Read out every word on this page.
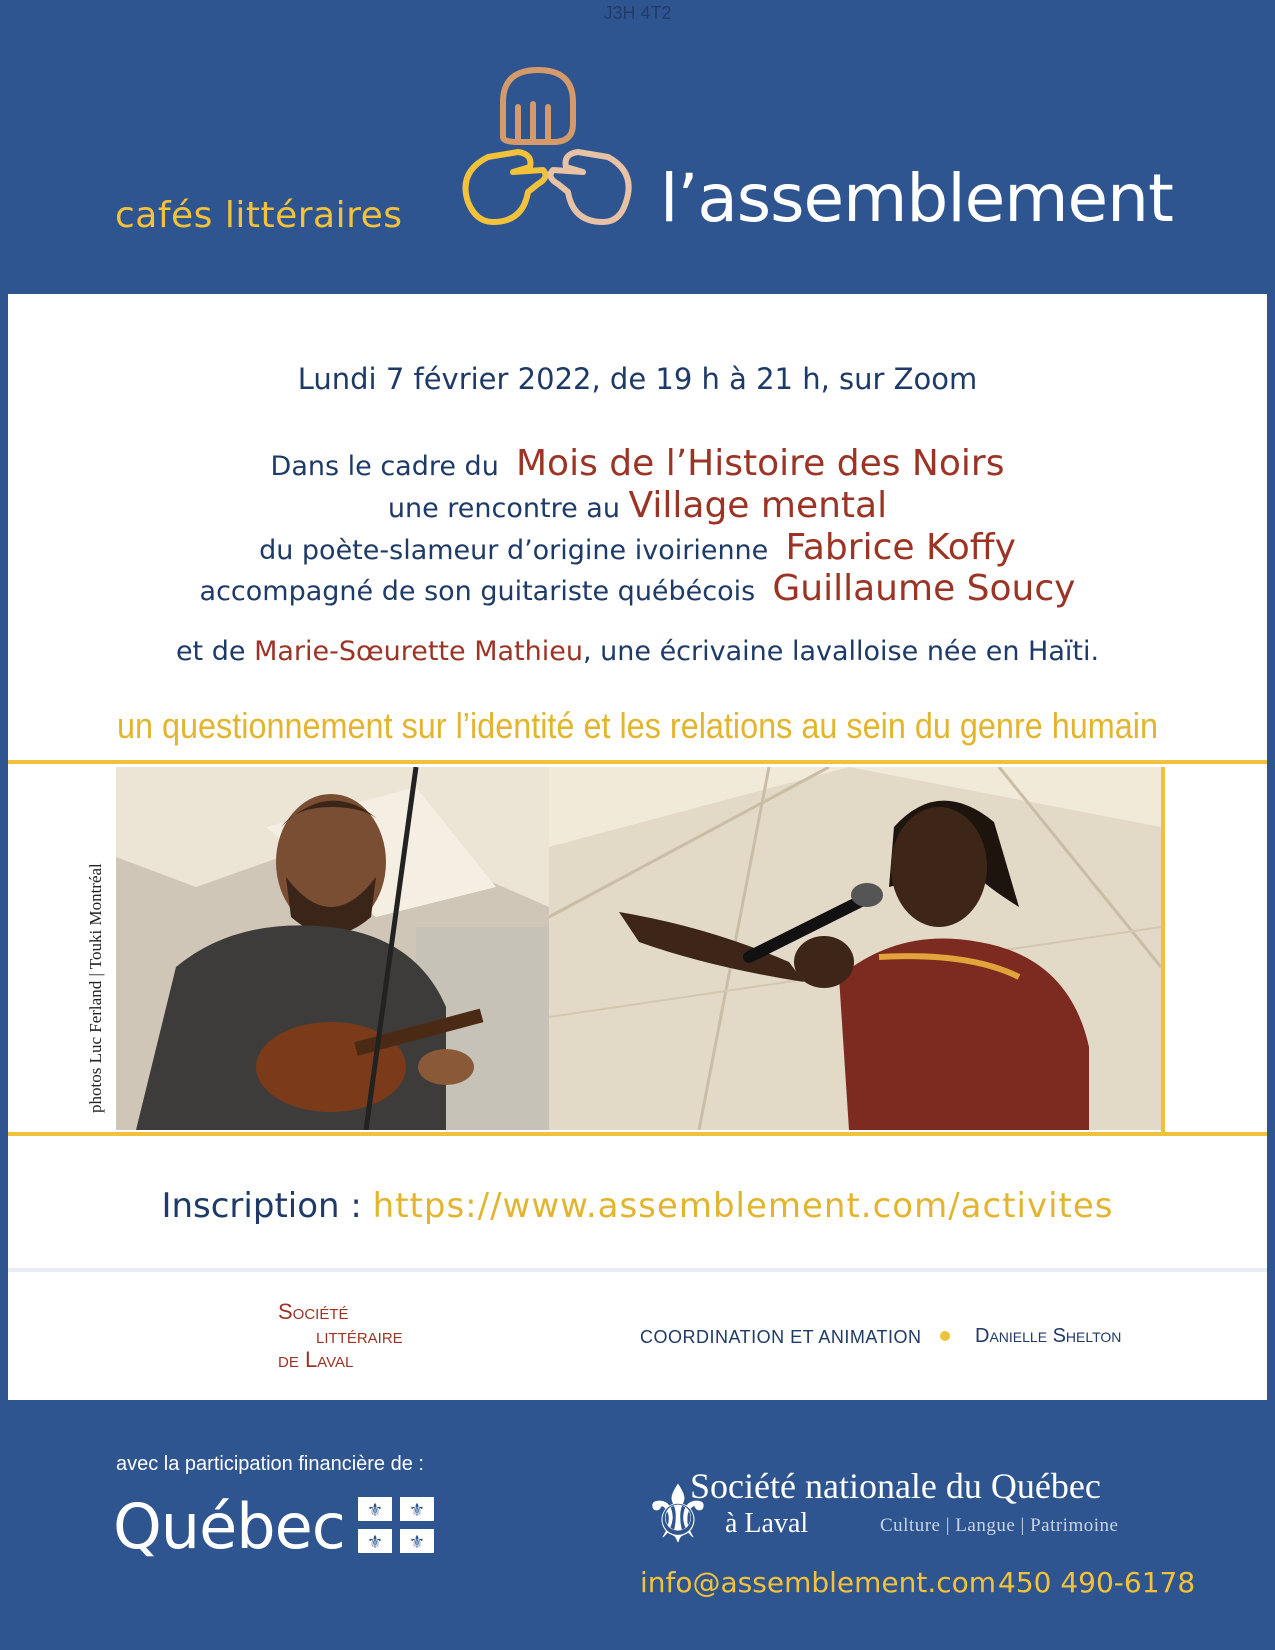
J3H 4T2
cafés littéraires	l’assemblement
Lundi 7 février 2022, de 19 h à 21 h, sur Zoom
Dans le cadre du Mois de l’Histoire des Noirs
une rencontre au Village mental
du poète-slameur d’origine ivoirienne Fabrice Koffy
accompagné de son guitariste québécois Guillaume Soucy
et de Marie-Sœurette Mathieu, une écrivaine lavalloise née en Haïti.
un questionnement sur l’identité et les relations au sein du genre humain
photos Luc Ferland | Touki Montréal
Inscription : https://www.assemblement.com/activites
Société
littéraire
de Laval
COORDINATION ET ANIMATION	Danielle Shelton
avec la participation financière de :
Québec ⚜ ⚜
⚜ ⚜	⚜
Société nationale du Québec
à Laval	Culture | Langue | Patrimoine
info@assemblement.com 450 490-6178
